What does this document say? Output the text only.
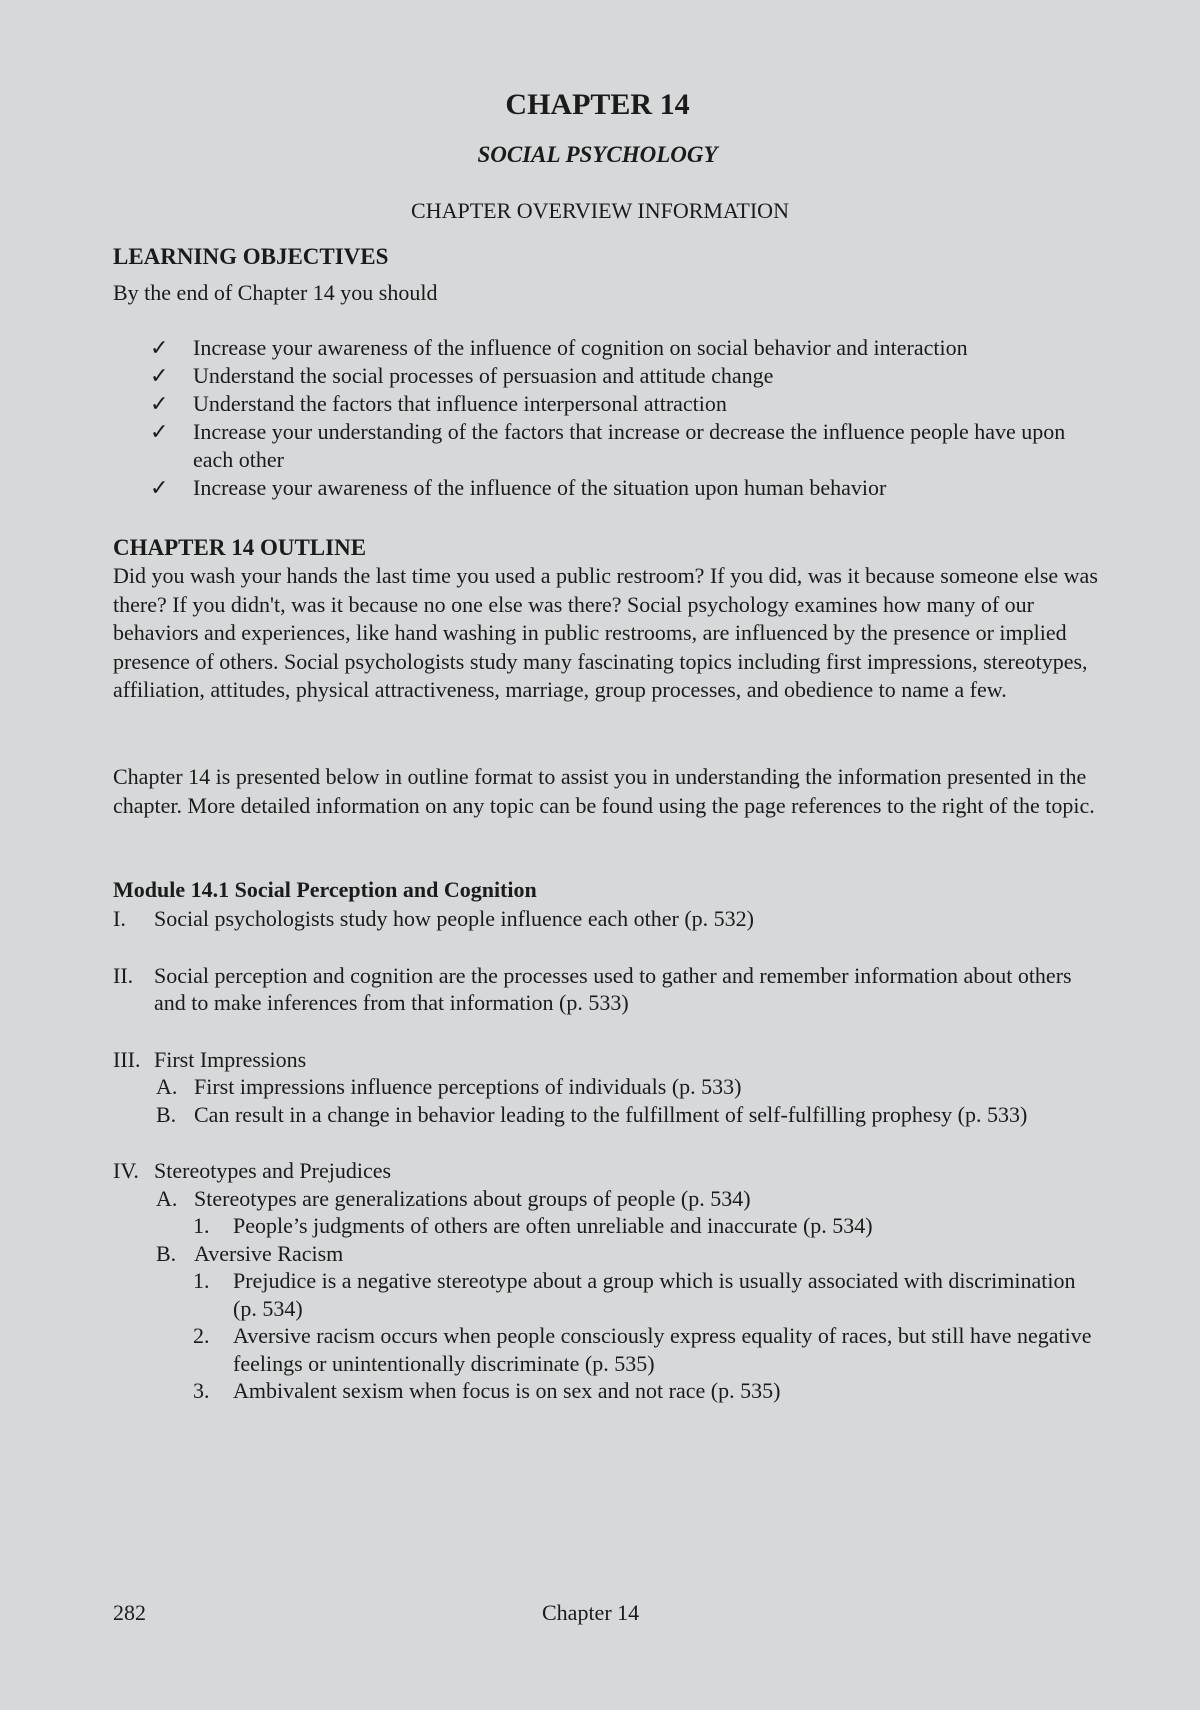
CHAPTER 14
SOCIAL PSYCHOLOGY
CHAPTER OVERVIEW INFORMATION
LEARNING OBJECTIVES
By the end of Chapter 14 you should
✓ Increase your awareness of the influence of cognition on social behavior and interaction
✓ Understand the social processes of persuasion and attitude change
✓ Understand the factors that influence interpersonal attraction
✓ Increase your understanding of the factors that increase or decrease the influence people have upon each other
✓ Increase your awareness of the influence of the situation upon human behavior
CHAPTER 14 OUTLINE
Did you wash your hands the last time you used a public restroom? If you did, was it because someone else was there? If you didn't, was it because no one else was there? Social psychology examines how many of our behaviors and experiences, like hand washing in public restrooms, are influenced by the presence or implied presence of others. Social psychologists study many fascinating topics including first impressions, stereotypes, affiliation, attitudes, physical attractiveness, marriage, group processes, and obedience to name a few.
Chapter 14 is presented below in outline format to assist you in understanding the information presented in the chapter. More detailed information on any topic can be found using the page references to the right of the topic.
Module 14.1 Social Perception and Cognition
I. Social psychologists study how people influence each other (p. 532)
II. Social perception and cognition are the processes used to gather and remember information about others and to make inferences from that information (p. 533)
III. First Impressions
A. First impressions influence perceptions of individuals (p. 533)
B. Can result in a change in behavior leading to the fulfillment of self-fulfilling prophesy (p. 533)
IV. Stereotypes and Prejudices
A. Stereotypes are generalizations about groups of people (p. 534)
1. People’s judgments of others are often unreliable and inaccurate (p. 534)
B. Aversive Racism
1. Prejudice is a negative stereotype about a group which is usually associated with discrimination (p. 534)
2. Aversive racism occurs when people consciously express equality of races, but still have negative feelings or unintentionally discriminate (p. 535)
3. Ambivalent sexism when focus is on sex and not race (p. 535)
282	Chapter 14
